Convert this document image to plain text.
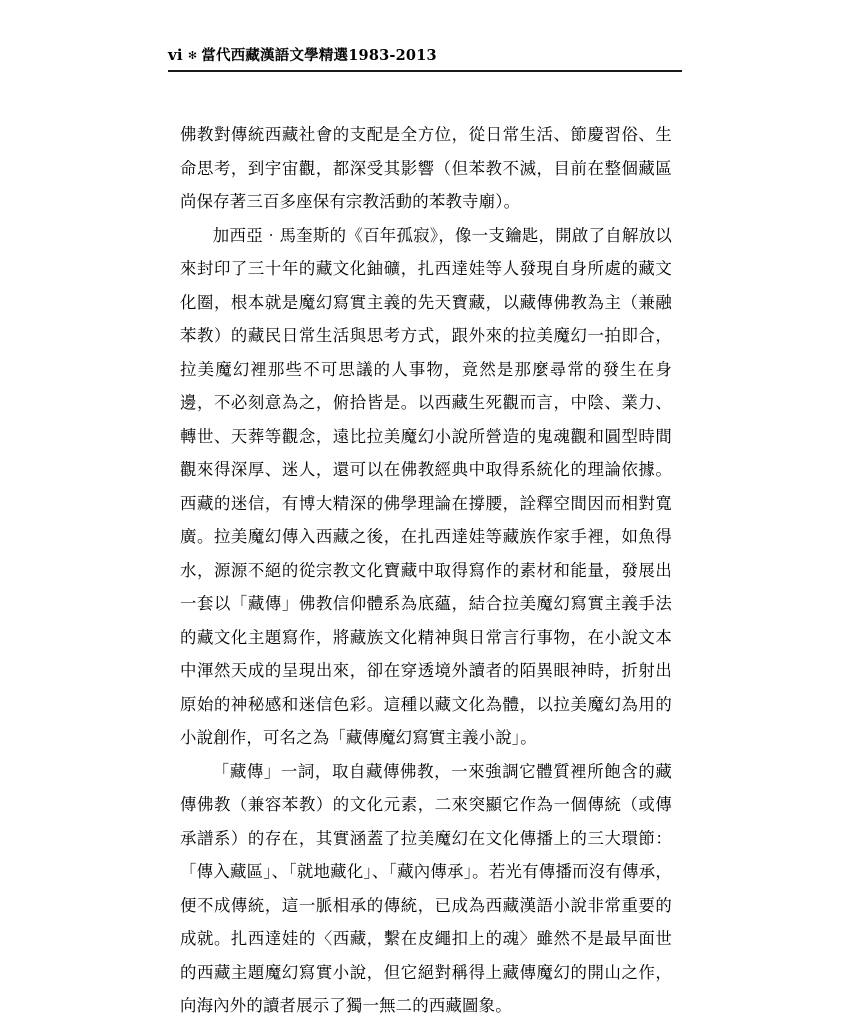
vi ✻ 當代西藏漢語文學精選1983-2013

佛教對傳統西藏社會的支配是全方位，從日常生活、節慶習俗、生命思考，到宇宙觀，都深受其影響（但苯教不滅，目前在整個藏區尚保存著三百多座保有宗教活動的苯教寺廟）。

加西亞‧馬奎斯的《百年孤寂》，像一支鑰匙，開啟了自解放以來封印了三十年的藏文化鈾礦，扎西達娃等人發現自身所處的藏文化圈，根本就是魔幻寫實主義的先天寶藏，以藏傳佛教為主（兼融苯教）的藏民日常生活與思考方式，跟外來的拉美魔幻一拍即合，拉美魔幻裡那些不可思議的人事物，竟然是那麼尋常的發生在身邊，不必刻意為之，俯拾皆是。以西藏生死觀而言，中陰、業力、轉世、天葬等觀念，遠比拉美魔幻小說所營造的鬼魂觀和圓型時間觀來得深厚、迷人，還可以在佛教經典中取得系統化的理論依據。西藏的迷信，有博大精深的佛學理論在撐腰，詮釋空間因而相對寬廣。拉美魔幻傳入西藏之後，在扎西達娃等藏族作家手裡，如魚得水，源源不絕的從宗教文化寶藏中取得寫作的素材和能量，發展出一套以「藏傳」佛教信仰體系為底蘊，結合拉美魔幻寫實主義手法的藏文化主題寫作，將藏族文化精神與日常言行事物，在小說文本中渾然天成的呈現出來，卻在穿透境外讀者的陌異眼神時，折射出原始的神秘感和迷信色彩。這種以藏文化為體，以拉美魔幻為用的小說創作，可名之為「藏傳魔幻寫實主義小說」。

「藏傳」一詞，取自藏傳佛教，一來強調它體質裡所飽含的藏傳佛教（兼容苯教）的文化元素，二來突顯它作為一個傳統（或傳承譜系）的存在，其實涵蓋了拉美魔幻在文化傳播上的三大環節：「傳入藏區」、「就地藏化」、「藏內傳承」。若光有傳播而沒有傳承，便不成傳統，這一脈相承的傳統，已成為西藏漢語小說非常重要的成就。扎西達娃的〈西藏，繫在皮繩扣上的魂〉雖然不是最早面世的西藏主題魔幻寫實小說，但它絕對稱得上藏傳魔幻的開山之作，向海內外的讀者展示了獨一無二的西藏圖象。
